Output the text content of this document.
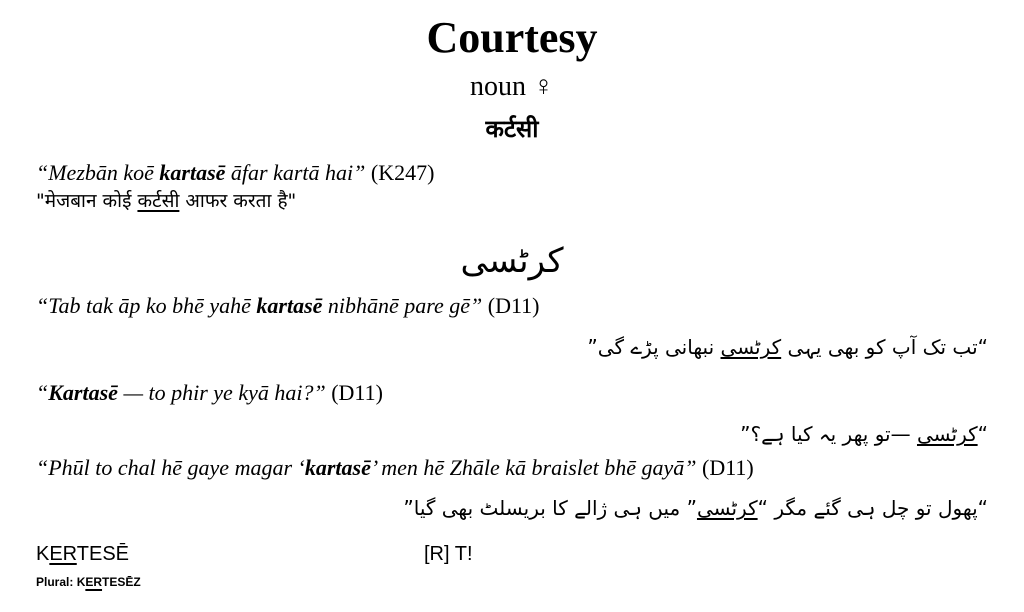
Courtesy
noun ♀
कर्टसी
“Mezbān koē kartasē āfar kartā hai” (K247)
"मेजबान कोई कर्टसी आफर करता है"
کرٹسی
“Tab tak āp ko bhē yahē kartasē nibhānē pare gē” (D11)
“تب تک آپ کو بھی یہی کرٹسی نبھانی پڑے گی”
“Kartasē — to phir ye kyā hai?” (D11)
“کرٹسی —تو پھر یہ کیا ہے؟”
“Phūl to chal hē gaye magar ‘kartasē’ men hē Zhāle kā braislet bhē gayā” (D11)
“پھول تو چل ہی گئے مگر “کرٹسی” میں ہی ژالے کا بریسلٹ بھی گیا”
KERTESĒ	[R] T!
Plural: KERTESĒZ
